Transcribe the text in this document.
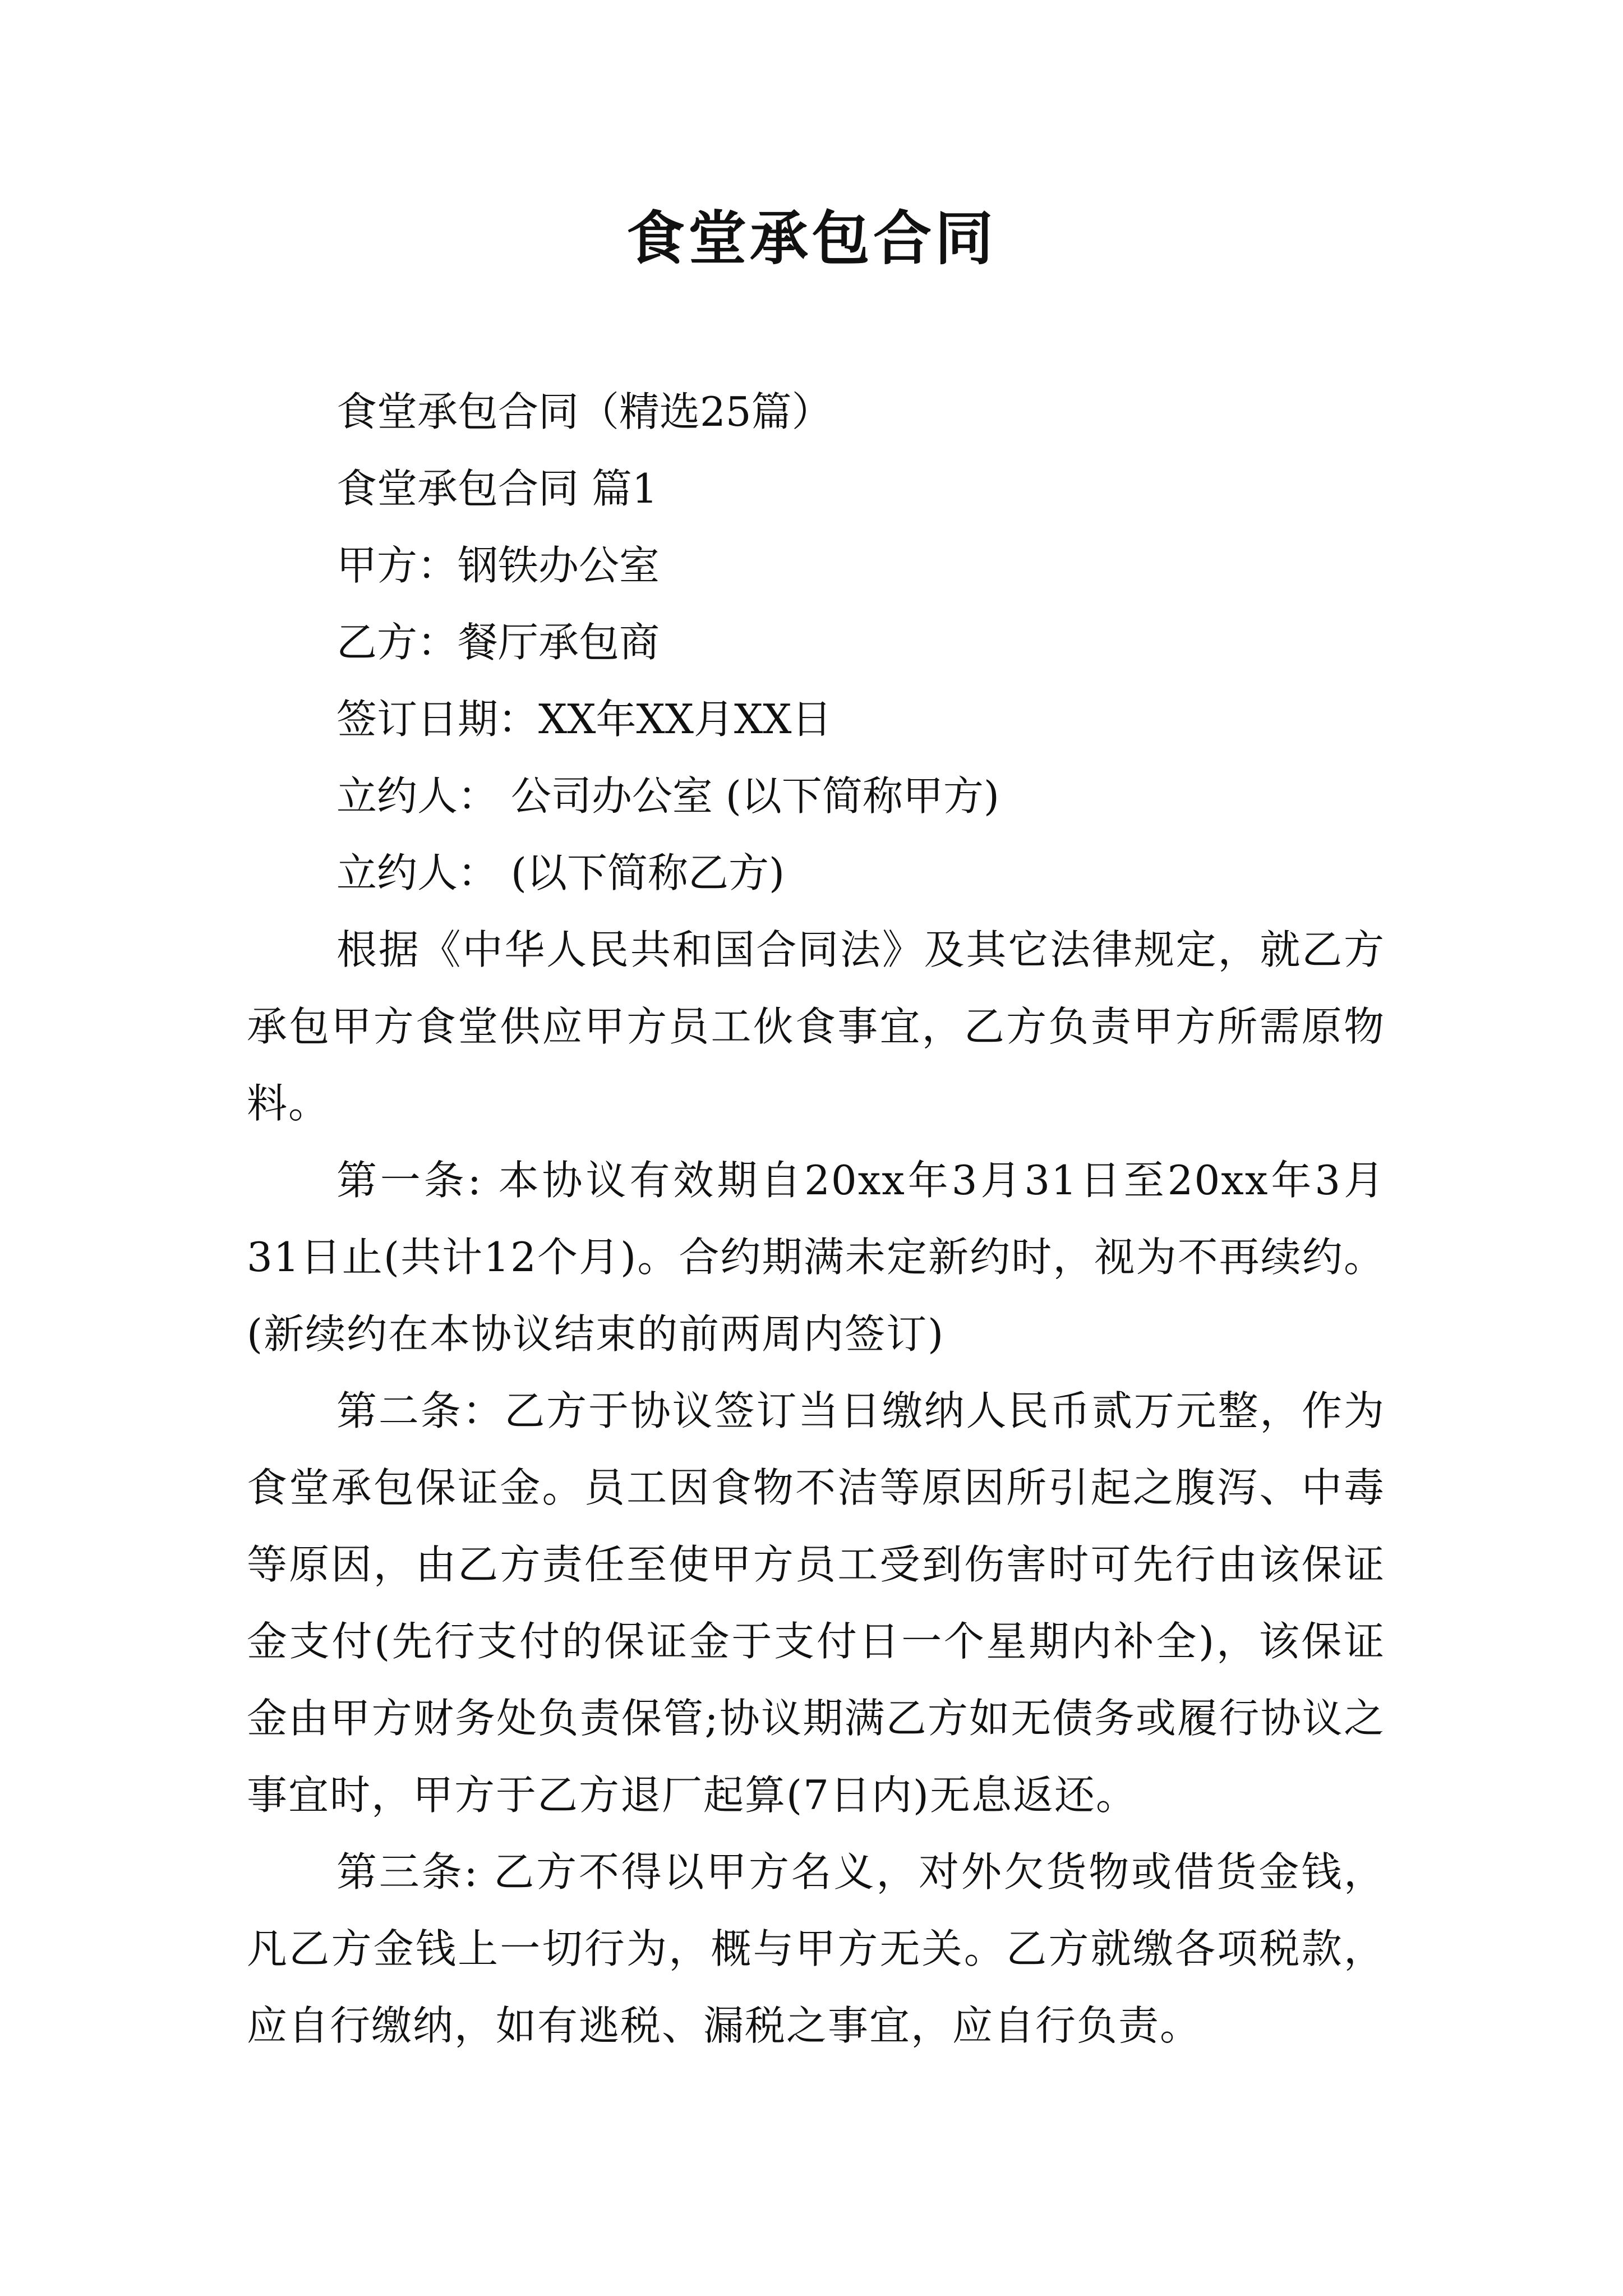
食堂承包合同

食堂承包合同（精选25篇）

食堂承包合同 篇1

甲方：钢铁办公室

乙方：餐厅承包商

签订日期：XX年XX月XX日

立约人： 公司办公室 (以下简称甲方)

立约人： (以下简称乙方)

根据《中华人民共和国合同法》及其它法律规定，就乙方承包甲方食堂供应甲方员工伙食事宜，乙方负责甲方所需原物料。

第一条: 本协议有效期自20xx年3月31日至20xx年3月31日止(共计12个月)。合约期满未定新约时，视为不再续约。(新续约在本协议结束的前两周内签订)

第二条：乙方于协议签订当日缴纳人民币贰万元整，作为食堂承包保证金。员工因食物不洁等原因所引起之腹泻、中毒等原因，由乙方责任至使甲方员工受到伤害时可先行由该保证金支付(先行支付的保证金于支付日一个星期内补全)，该保证金由甲方财务处负责保管;协议期满乙方如无债务或履行协议之事宜时，甲方于乙方退厂起算(7日内)无息返还。

第三条: 乙方不得以甲方名义，对外欠货物或借货金钱，凡乙方金钱上一切行为，概与甲方无关。乙方就缴各项税款，应自行缴纳，如有逃税、漏税之事宜，应自行负责。
